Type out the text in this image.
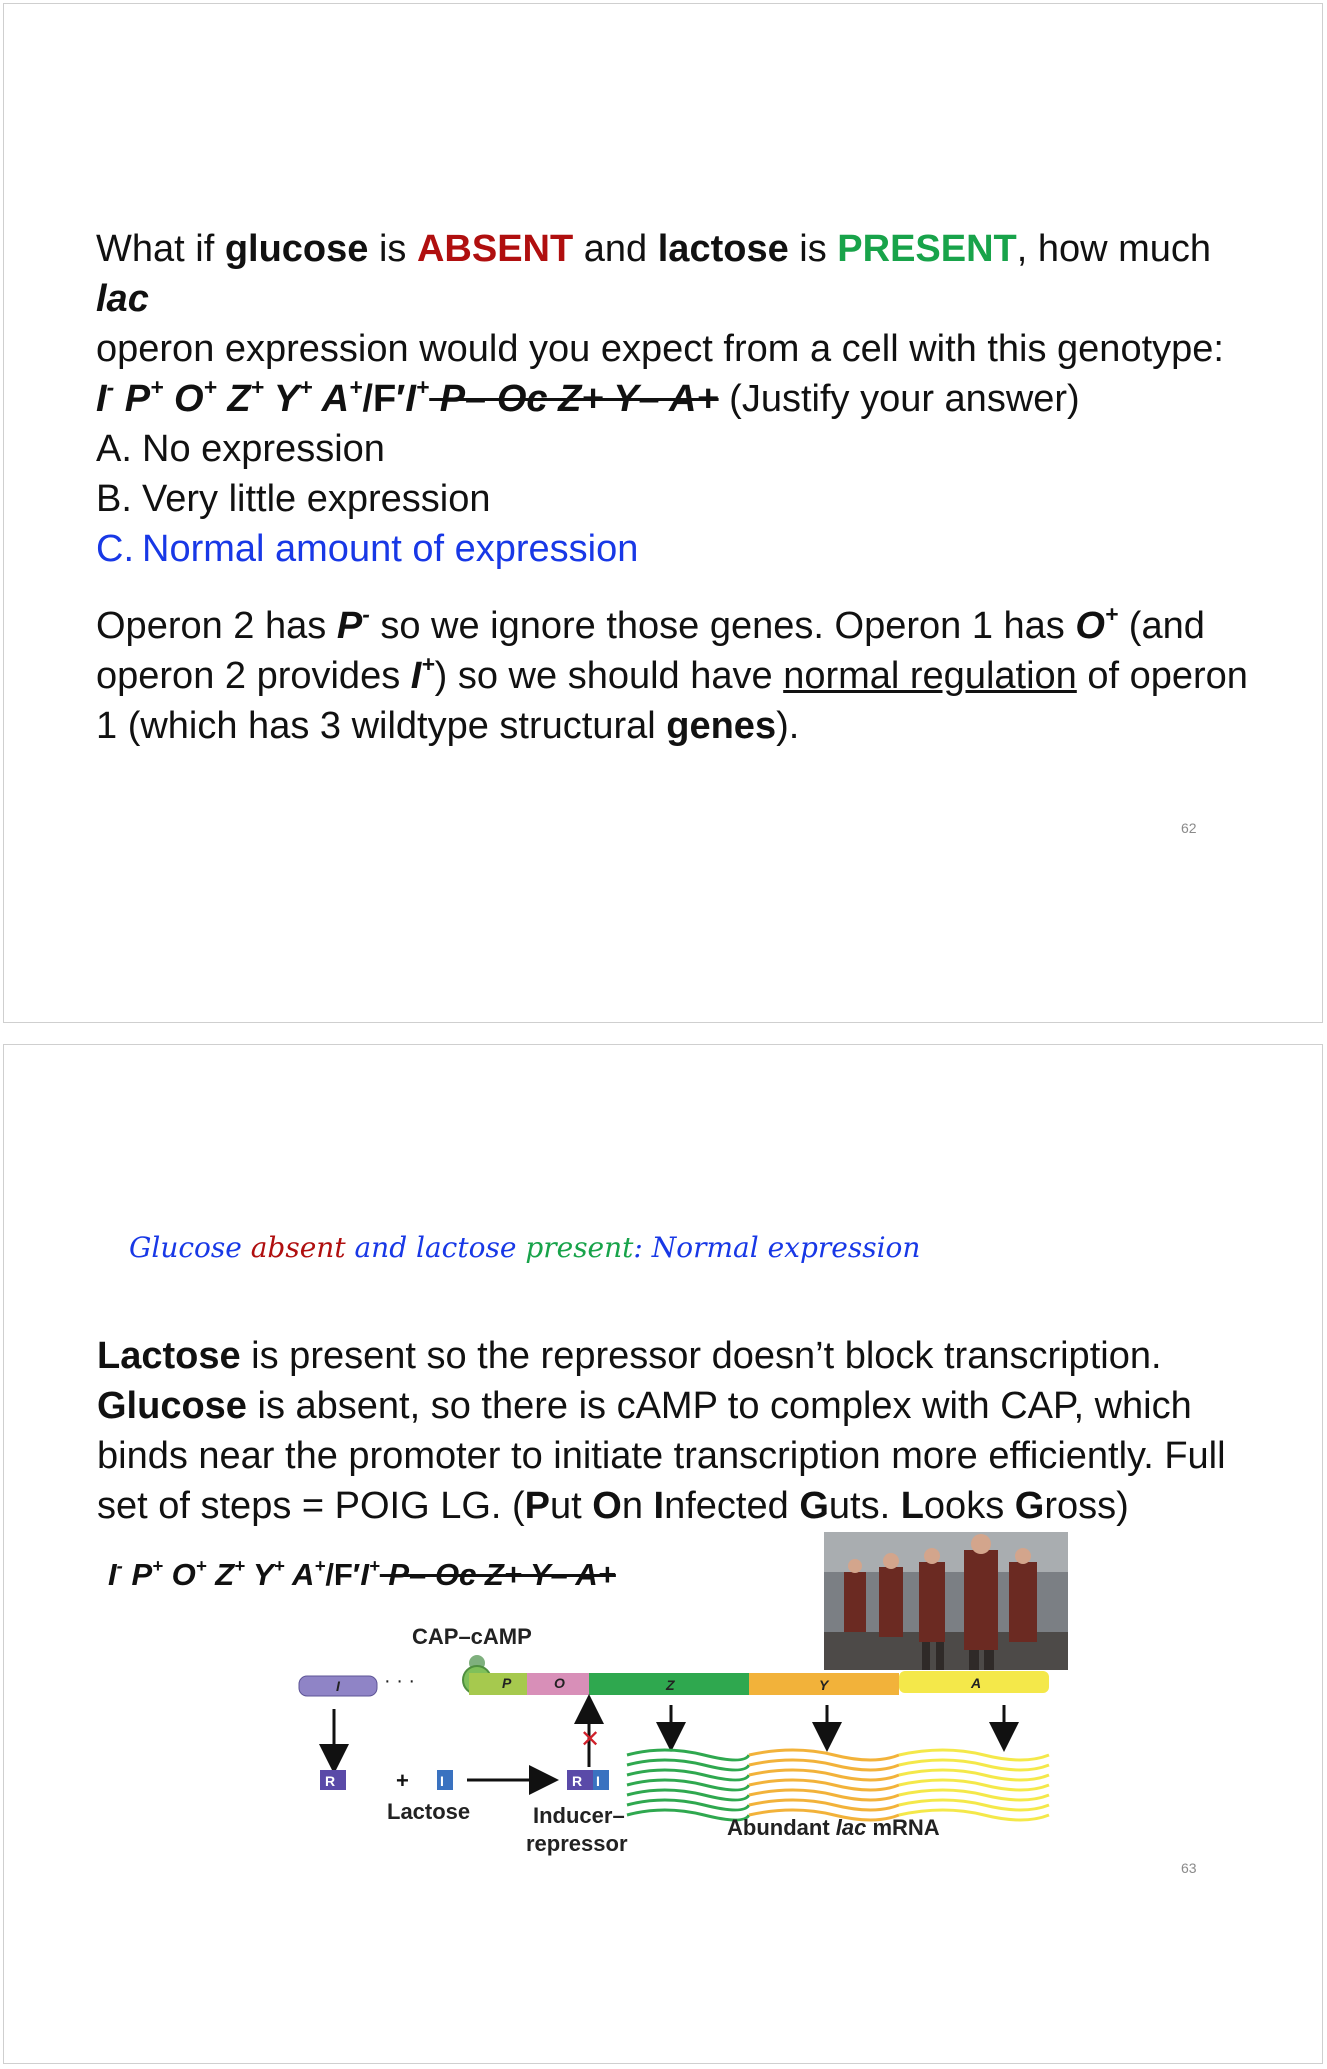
What if glucose is ABSENT and lactose is PRESENT, how much lac
operon expression would you expect from a cell with this genotype:
I- P+ O+ Z+ Y+ A+/F′I+ P– Oc Z+ Y– A+ (Justify your answer)
A. No expression
B. Very little expression
C. Normal amount of expression
Operon 2 has P- so we ignore those genes. Operon 1 has O+ (and operon 2 provides I+) so we should have normal regulation of operon 1 (which has 3 wildtype structural genes).
62
Glucose absent and lactose present: Normal expression
Lactose is present so the repressor doesn’t block transcription.
Glucose is absent, so there is cAMP to complex with CAP, which binds near the promoter to initiate transcription more efficiently. Full set of steps = POIG LG. (Put On Infected Guts. Looks Gross)
I- P+ O+ Z+ Y+ A+/F′I+ P– Oc Z+ Y– A+
CAP–cAMP
I · · ·	P	O	Z	Y	A
✕
R	+ I	R I
Lactose	Inducer–
repressor
Abundant lac mRNA
63
